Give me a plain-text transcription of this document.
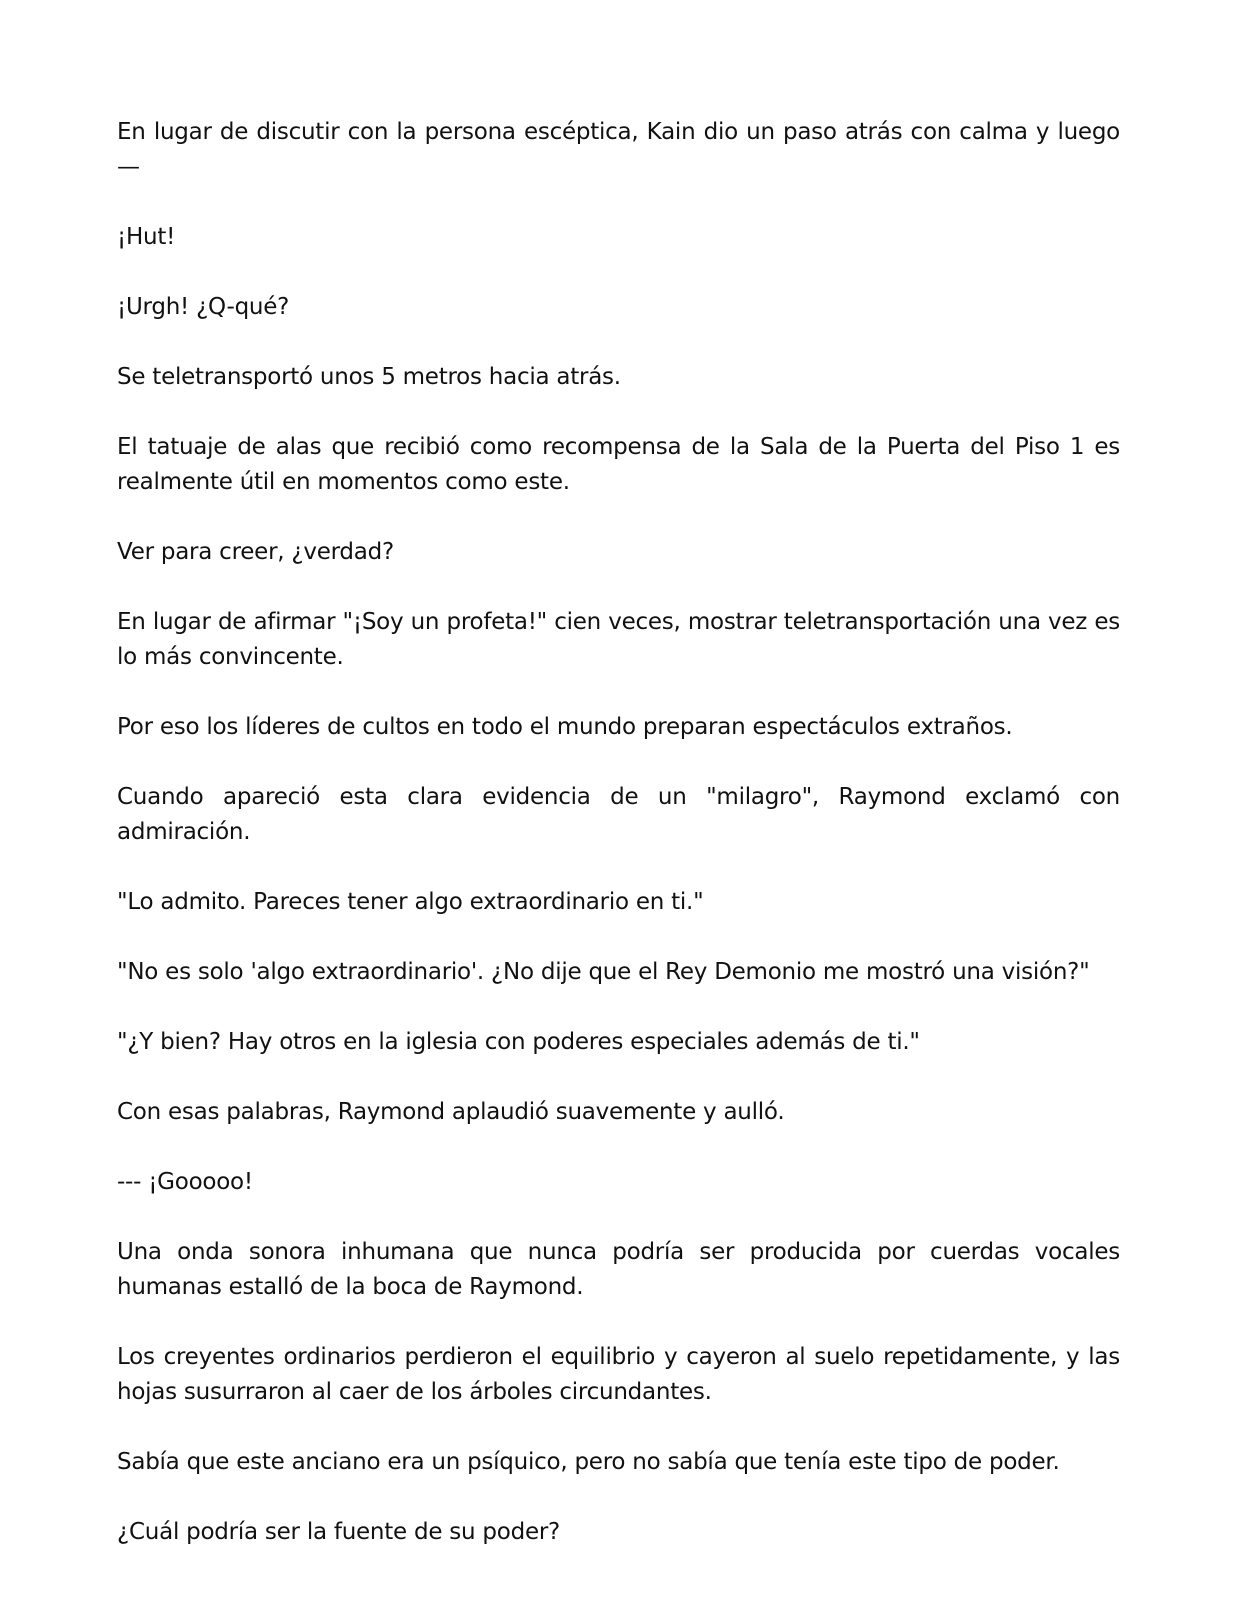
En lugar de discutir con la persona escéptica, Kain dio un paso atrás con calma y luego—

¡Hut!

¡Urgh! ¿Q-qué?

Se teletransportó unos 5 metros hacia atrás.

El tatuaje de alas que recibió como recompensa de la Sala de la Puerta del Piso 1 es realmente útil en momentos como este.

Ver para creer, ¿verdad?

En lugar de afirmar "¡Soy un profeta!" cien veces, mostrar teletransportación una vez es lo más convincente.

Por eso los líderes de cultos en todo el mundo preparan espectáculos extraños.

Cuando apareció esta clara evidencia de un "milagro", Raymond exclamó con admiración.

"Lo admito. Pareces tener algo extraordinario en ti."

"No es solo 'algo extraordinario'. ¿No dije que el Rey Demonio me mostró una visión?"

"¿Y bien? Hay otros en la iglesia con poderes especiales además de ti."

Con esas palabras, Raymond aplaudió suavemente y aulló.

--- ¡Gooooo!

Una onda sonora inhumana que nunca podría ser producida por cuerdas vocales humanas estalló de la boca de Raymond.

Los creyentes ordinarios perdieron el equilibrio y cayeron al suelo repetidamente, y las hojas susurraron al caer de los árboles circundantes.

Sabía que este anciano era un psíquico, pero no sabía que tenía este tipo de poder.

¿Cuál podría ser la fuente de su poder?
